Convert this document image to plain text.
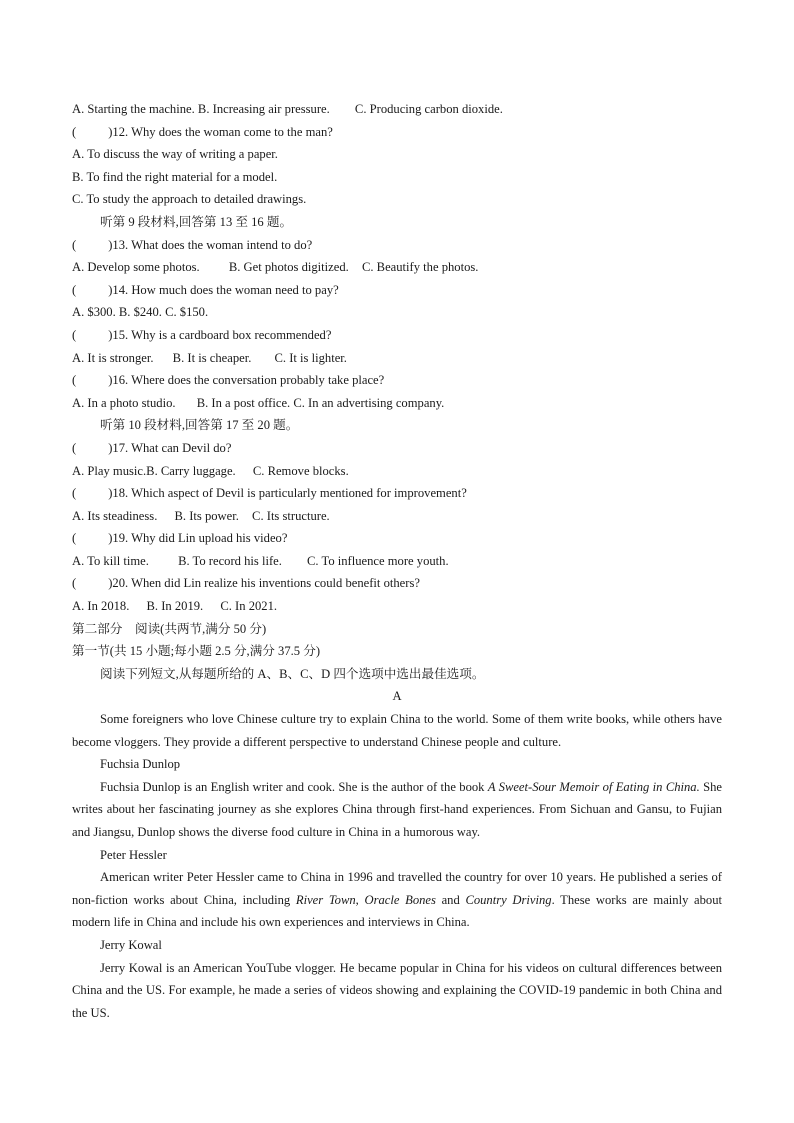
A. Starting the machine. B. Increasing air pressure. C. Producing carbon dioxide.
(	)12. Why does the woman come to the man?
A. To discuss the way of writing a paper.
B. To find the right material for a model.
C. To study the approach to detailed drawings.
听第 9 段材料,回答第 13 至 16 题。
(	)13. What does the woman intend to do?
A. Develop some photos. B. Get photos digitized. C. Beautify the photos.
(	)14. How much does the woman need to pay?
A. $300. B. $240. C. $150.
(	)15. Why is a cardboard box recommended?
A. It is stronger. B. It is cheaper. C. It is lighter.
(	)16. Where does the conversation probably take place?
A. In a photo studio. B. In a post office. C. In an advertising company.
听第 10 段材料,回答第 17 至 20 题。
(	)17. What can Devil do?
A. Play music.B. Carry luggage. C. Remove blocks.
(	)18. Which aspect of Devil is particularly mentioned for improvement?
A. Its steadiness. B. Its power. C. Its structure.
(	)19. Why did Lin upload his video?
A. To kill time. B. To record his life. C. To influence more youth.
(	)20. When did Lin realize his inventions could benefit others?
A. In 2018. B. In 2019. C. In 2021.
第二部分　阅读(共两节,满分 50 分)
第一节(共 15 小题;每小题 2.5 分,满分 37.5 分)
阅读下列短文,从每题所给的 A、B、C、D 四个选项中选出最佳选项。
A
Some foreigners who love Chinese culture try to explain China to the world. Some of them write books, while others have become vloggers. They provide a different perspective to understand Chinese people and culture.
Fuchsia Dunlop
Fuchsia Dunlop is an English writer and cook. She is the author of the book A Sweet-Sour Memoir of Eating in China. She writes about her fascinating journey as she explores China through first-hand experiences. From Sichuan and Gansu, to Fujian and Jiangsu, Dunlop shows the diverse food culture in China in a humorous way.
Peter Hessler
American writer Peter Hessler came to China in 1996 and travelled the country for over 10 years. He published a series of non-fiction works about China, including River Town, Oracle Bones and Country Driving. These works are mainly about modern life in China and include his own experiences and interviews in China.
Jerry Kowal
Jerry Kowal is an American YouTube vlogger. He became popular in China for his videos on cultural differences between China and the US. For example, he made a series of videos showing and explaining the COVID-19 pandemic in both China and the US.
